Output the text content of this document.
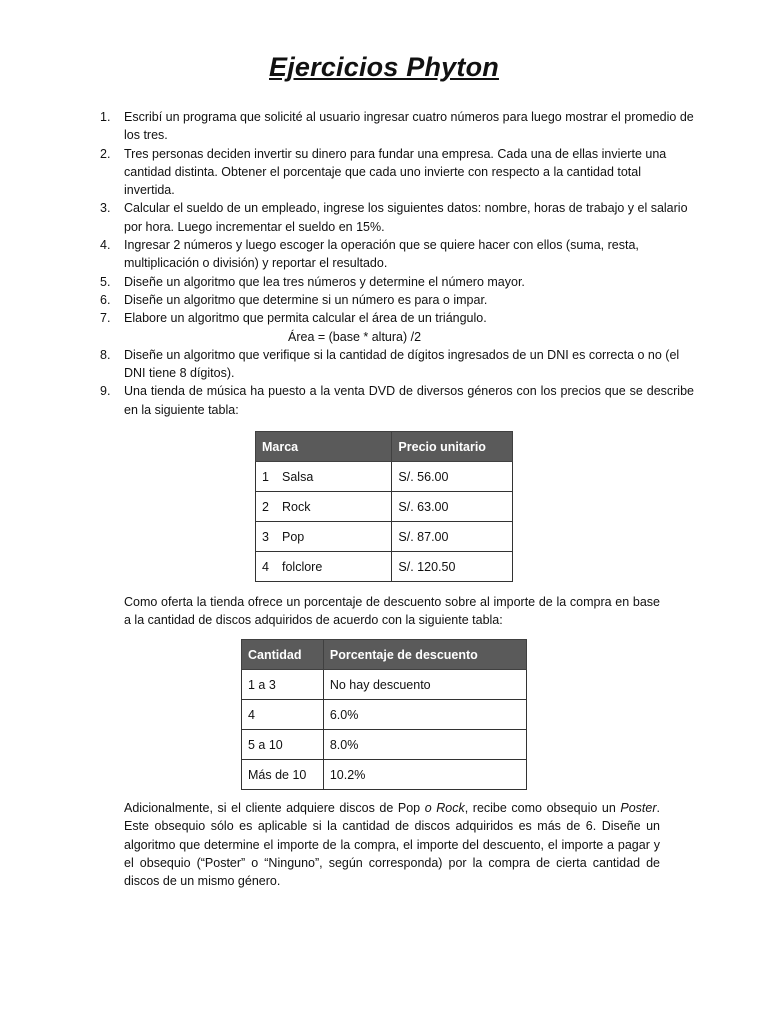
Ejercicios Phyton
1. Escribí un programa que solicité al usuario ingresar cuatro números para luego mostrar el promedio de los tres.
2. Tres personas deciden invertir su dinero para fundar una empresa. Cada una de ellas invierte una cantidad distinta. Obtener el porcentaje que cada uno invierte con respecto a la cantidad total invertida.
3. Calcular el sueldo de un empleado, ingrese los siguientes datos: nombre, horas de trabajo y el salario por hora. Luego incrementar el sueldo en 15%.
4. Ingresar 2 números y luego escoger la operación que se quiere hacer con ellos (suma, resta, multiplicación o división) y reportar el resultado.
5. Diseñe un algoritmo que lea tres números y determine el número mayor.
6. Diseñe un algoritmo que determine si un número es para o impar.
7. Elabore un algoritmo que permita calcular el área de un triángulo.
Área = (base * altura) /2
8. Diseñe un algoritmo que verifique si la cantidad de dígitos ingresados de un DNI es correcta o no (el DNI tiene 8 dígitos).
9. Una tienda de música ha puesto a la venta DVD de diversos géneros con los precios que se describe en la siguiente tabla:
Marca	Precio unitario
1 Salsa	S/. 56.00
2 Rock	S/. 63.00
3 Pop	S/. 87.00
4 folclore	S/. 120.50
Como oferta la tienda ofrece un porcentaje de descuento sobre al importe de la compra en base a la cantidad de discos adquiridos de acuerdo con la siguiente tabla:
Cantidad	Porcentaje de descuento
1 a 3	No hay descuento
4	6.0%
5 a 10	8.0%
Más de 10	10.2%
Adicionalmente, si el cliente adquiere discos de Pop o Rock, recibe como obsequio un Poster. Este obsequio sólo es aplicable si la cantidad de discos adquiridos es más de 6. Diseñe un algoritmo que determine el importe de la compra, el importe del descuento, el importe a pagar y el obsequio (“Poster” o “Ninguno”, según corresponda) por la compra de cierta cantidad de discos de un mismo género.
